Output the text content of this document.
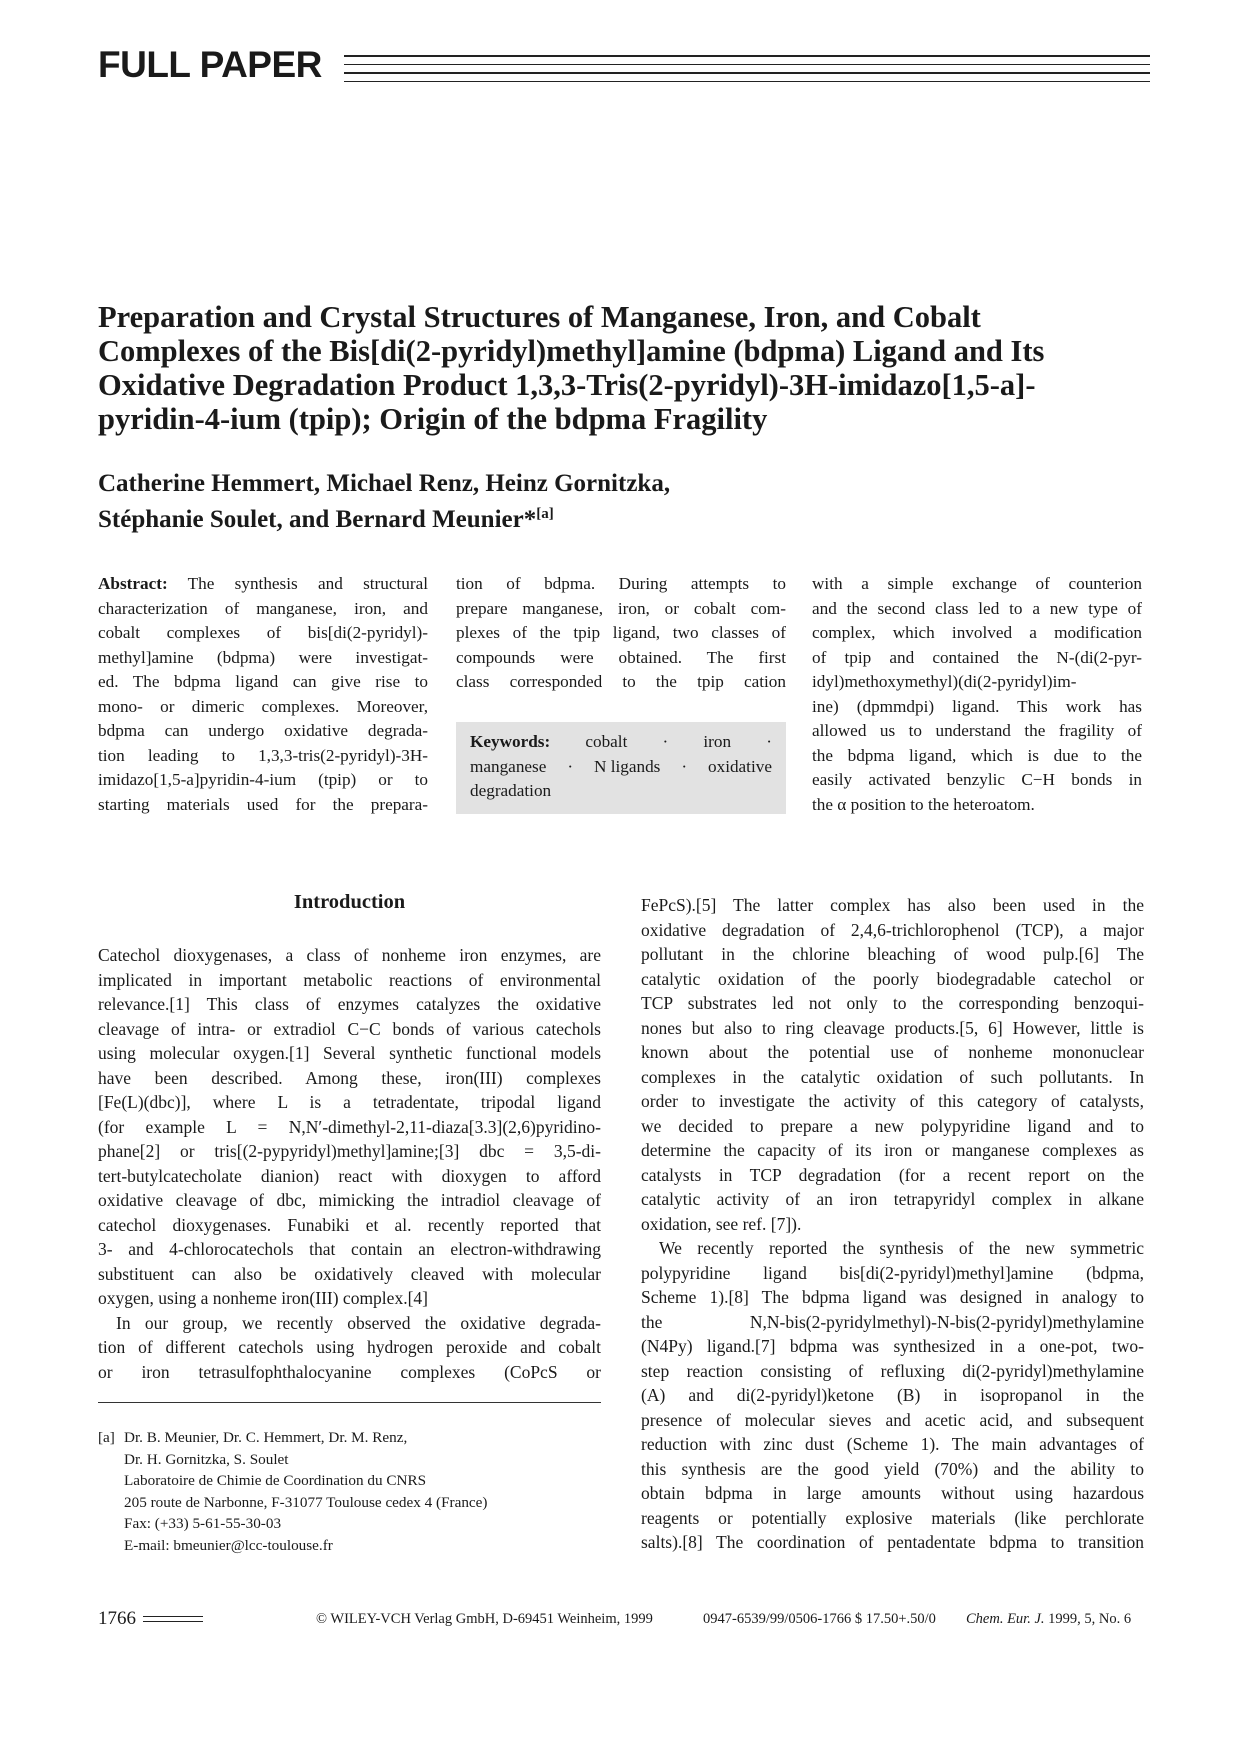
FULL PAPER
Preparation and Crystal Structures of Manganese, Iron, and Cobalt
Complexes of the Bis[di(2-pyridyl)methyl]amine (bdpma) Ligand and Its
Oxidative Degradation Product 1,3,3-Tris(2-pyridyl)-3H-imidazo[1,5-a]-
pyridin-4-ium (tpip); Origin of the bdpma Fragility
Catherine Hemmert, Michael Renz, Heinz Gornitzka,
Stéphanie Soulet, and Bernard Meunier*[a]
Abstract: The synthesis and structural
characterization of manganese, iron, and
cobalt complexes of bis[di(2-pyridyl)-
methyl]amine (bdpma) were investigat-
ed. The bdpma ligand can give rise to
mono- or dimeric complexes. Moreover,
bdpma can undergo oxidative degrada-
tion leading to 1,3,3-tris(2-pyridyl)-3H-
imidazo[1,5-a]pyridin-4-ium (tpip) or to
starting materials used for the prepara-
tion of bdpma. During attempts to
prepare manganese, iron, or cobalt com-
plexes of the tpip ligand, two classes of
compounds were obtained. The first
class corresponded to the tpip cation
Keywords: cobalt · iron ·
manganese · N ligands · oxidative
degradation
with a simple exchange of counterion
and the second class led to a new type of
complex, which involved a modification
of tpip and contained the N-(di(2-pyr-
idyl)methoxymethyl)(di(2-pyridyl)im-
ine) (dpmmdpi) ligand. This work has
allowed us to understand the fragility of
the bdpma ligand, which is due to the
easily activated benzylic C−H bonds in
the α position to the heteroatom.
Introduction
Catechol dioxygenases, a class of nonheme iron enzymes, are
implicated in important metabolic reactions of environmental
relevance.[1] This class of enzymes catalyzes the oxidative
cleavage of intra- or extradiol C−C bonds of various catechols
using molecular oxygen.[1] Several synthetic functional models
have been described. Among these, iron(III) complexes
[Fe(L)(dbc)], where L is a tetradentate, tripodal ligand
(for example L = N,N′-dimethyl-2,11-diaza[3.3](2,6)pyridino-
phane[2] or tris[(2-pypyridyl)methyl]amine;[3] dbc = 3,5-di-
tert-butylcatecholate dianion) react with dioxygen to afford
oxidative cleavage of dbc, mimicking the intradiol cleavage of
catechol dioxygenases. Funabiki et al. recently reported that
3- and 4-chlorocatechols that contain an electron-withdrawing
substituent can also be oxidatively cleaved with molecular
oxygen, using a nonheme iron(III) complex.[4]
In our group, we recently observed the oxidative degrada-
tion of different catechols using hydrogen peroxide and cobalt
or iron tetrasulfophthalocyanine complexes (CoPcS or
[a] Dr. B. Meunier, Dr. C. Hemmert, Dr. M. Renz,
Dr. H. Gornitzka, S. Soulet
Laboratoire de Chimie de Coordination du CNRS
205 route de Narbonne, F-31077 Toulouse cedex 4 (France)
Fax: (+33) 5-61-55-30-03
E-mail: bmeunier@lcc-toulouse.fr
FePcS).[5] The latter complex has also been used in the
oxidative degradation of 2,4,6-trichlorophenol (TCP), a major
pollutant in the chlorine bleaching of wood pulp.[6] The
catalytic oxidation of the poorly biodegradable catechol or
TCP substrates led not only to the corresponding benzoqui-
nones but also to ring cleavage products.[5, 6] However, little is
known about the potential use of nonheme mononuclear
complexes in the catalytic oxidation of such pollutants. In
order to investigate the activity of this category of catalysts,
we decided to prepare a new polypyridine ligand and to
determine the capacity of its iron or manganese complexes as
catalysts in TCP degradation (for a recent report on the
catalytic activity of an iron tetrapyridyl complex in alkane
oxidation, see ref. [7]).
We recently reported the synthesis of the new symmetric
polypyridine ligand bis[di(2-pyridyl)methyl]amine (bdpma,
Scheme 1).[8] The bdpma ligand was designed in analogy to
the N,N-bis(2-pyridylmethyl)-N-bis(2-pyridyl)methylamine
(N4Py) ligand.[7] bdpma was synthesized in a one-pot, two-
step reaction consisting of refluxing di(2-pyridyl)methylamine
(A) and di(2-pyridyl)ketone (B) in isopropanol in the
presence of molecular sieves and acetic acid, and subsequent
reduction with zinc dust (Scheme 1). The main advantages of
this synthesis are the good yield (70%) and the ability to
obtain bdpma in large amounts without using hazardous
reagents or potentially explosive materials (like perchlorate
salts).[8] The coordination of pentadentate bdpma to transition
1766	© WILEY-VCH Verlag GmbH, D-69451 Weinheim, 1999	0947-6539/99/0506-1766 $ 17.50+.50/0 Chem. Eur. J. 1999, 5, No. 6
